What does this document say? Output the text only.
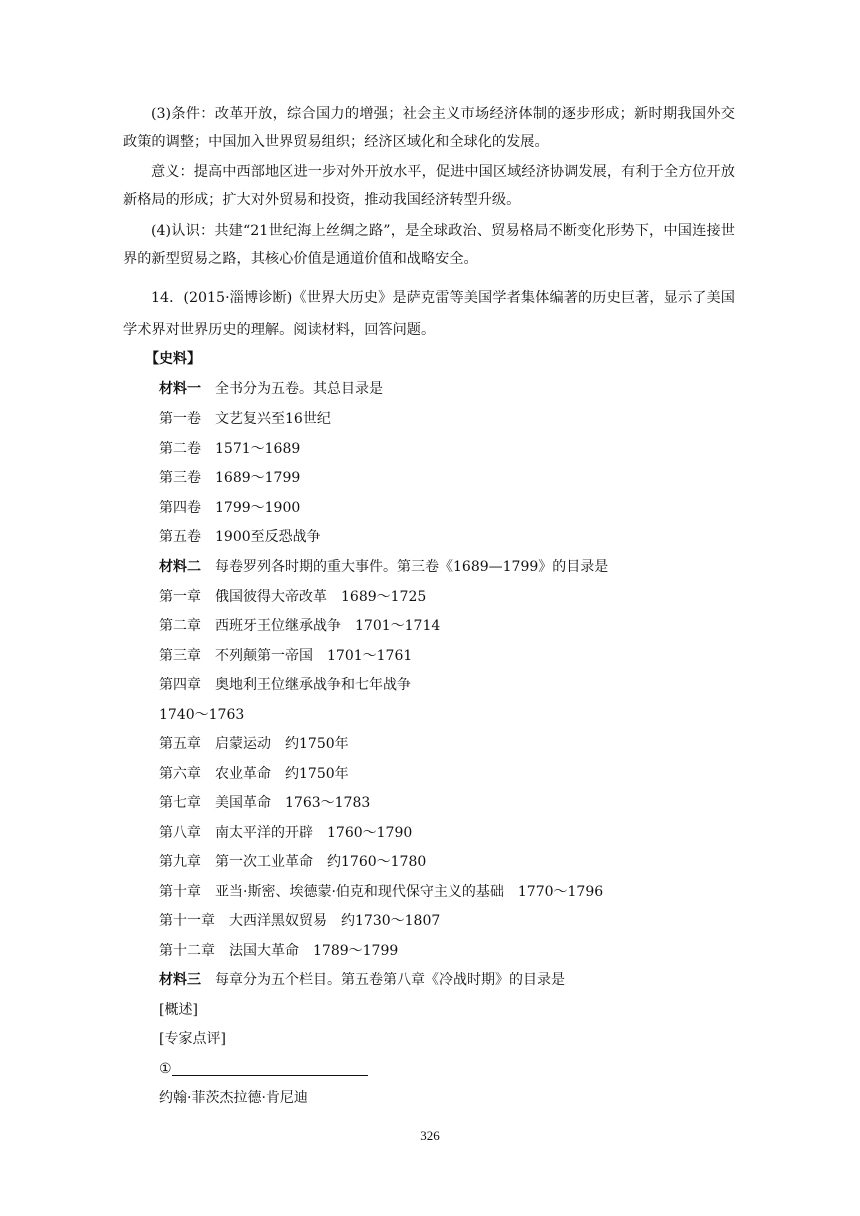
(3)条件：改革开放，综合国力的增强；社会主义市场经济体制的逐步形成；新时期我国外交政策的调整；中国加入世界贸易组织；经济区域化和全球化的发展。

意义：提高中西部地区进一步对外开放水平，促进中国区域经济协调发展，有利于全方位开放新格局的形成；扩大对外贸易和投资，推动我国经济转型升级。

(4)认识：共建“21世纪海上丝绸之路”，是全球政治、贸易格局不断变化形势下，中国连接世界的新型贸易之路，其核心价值是通道价值和战略安全。

14．(2015·淄博诊断)《世界大历史》是萨克雷等美国学者集体编著的历史巨著，显示了美国学术界对世界历史的理解。阅读材料，回答问题。

【史料】

材料一　 全书分为五卷。其总目录是

第一卷　文艺复兴至16世纪

第二卷　1571～1689

第三卷　1689～1799

第四卷　1799～1900

第五卷　1900至反恐战争

材料二　 每卷罗列各时期的重大事件。第三卷《1689—1799》的目录是

第一章　俄国彼得大帝改革　1689～1725

第二章　西班牙王位继承战争　1701～1714

第三章　不列颠第一帝国　1701～1761

第四章　奥地利王位继承战争和七年战争

1740～1763

第五章　启蒙运动　约1750年

第六章　农业革命　约1750年

第七章　美国革命　1763～1783

第八章　南太平洋的开辟　1760～1790

第九章　第一次工业革命　约1760～1780

第十章　亚当·斯密、埃德蒙·伯克和现代保守主义的基础　1770～1796

第十一章　大西洋黑奴贸易　约1730～1807

第十二章　法国大革命　1789～1799

材料三　 每章分为五个栏目。第五卷第八章《冷战时期》的目录是

[概述]

[专家点评]

①

约翰·菲茨杰拉德·肯尼迪

326
